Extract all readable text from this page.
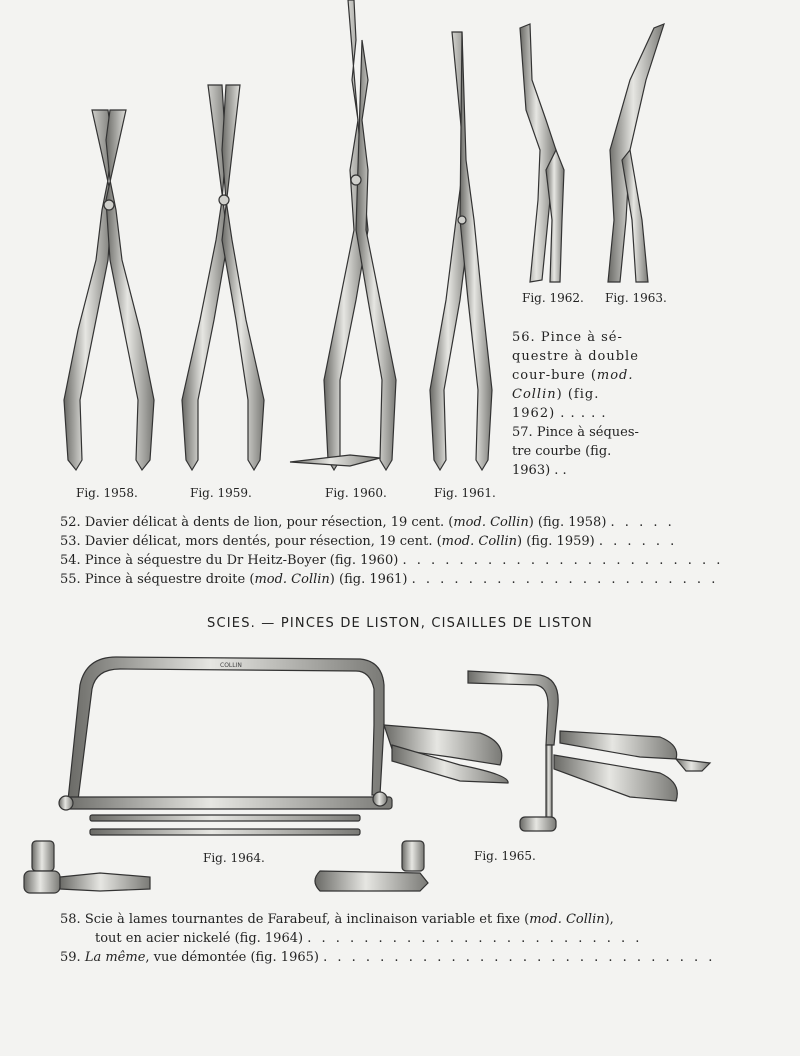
Fig. 1962. Fig. 1963.
Fig. 1958.	Fig. 1959.	Fig. 1960.	Fig. 1961.

56. Pince à sé-questre à double cour-bure (mod. Collin) (fig. 1962) . . . . .

57. Pince à séques-tre courbe (fig. 1963) . .

52. Davier délicat à dents de lion, pour résection, 19 cent. (mod. Collin) (fig. 1958) . . . . .
53. Davier délicat, mors dentés, pour résection, 19 cent. (mod. Collin) (fig. 1959) . . . . . .
54. Pince à séquestre du Dr Heitz-Boyer (fig. 1960) . . . . . . . . . . . . . . . . . . . . . . .
55. Pince à séquestre droite (mod. Collin) (fig. 1961) . . . . . . . . . . . . . . . . . . . . . .
SCIES. — PINCES DE LISTON, CISAILLES DE LISTON
COLLIN
Fig. 1964.	Fig. 1965.
58. Scie à lames tournantes de Farabeuf, à inclinaison variable et fixe (mod. Collin),
tout en acier nickelé (fig. 1964) . . . . . . . . . . . . . . . . . . . . . . . .
59. La même, vue démontée (fig. 1965) . . . . . . . . . . . . . . . . . . . . . . . . . . . .
